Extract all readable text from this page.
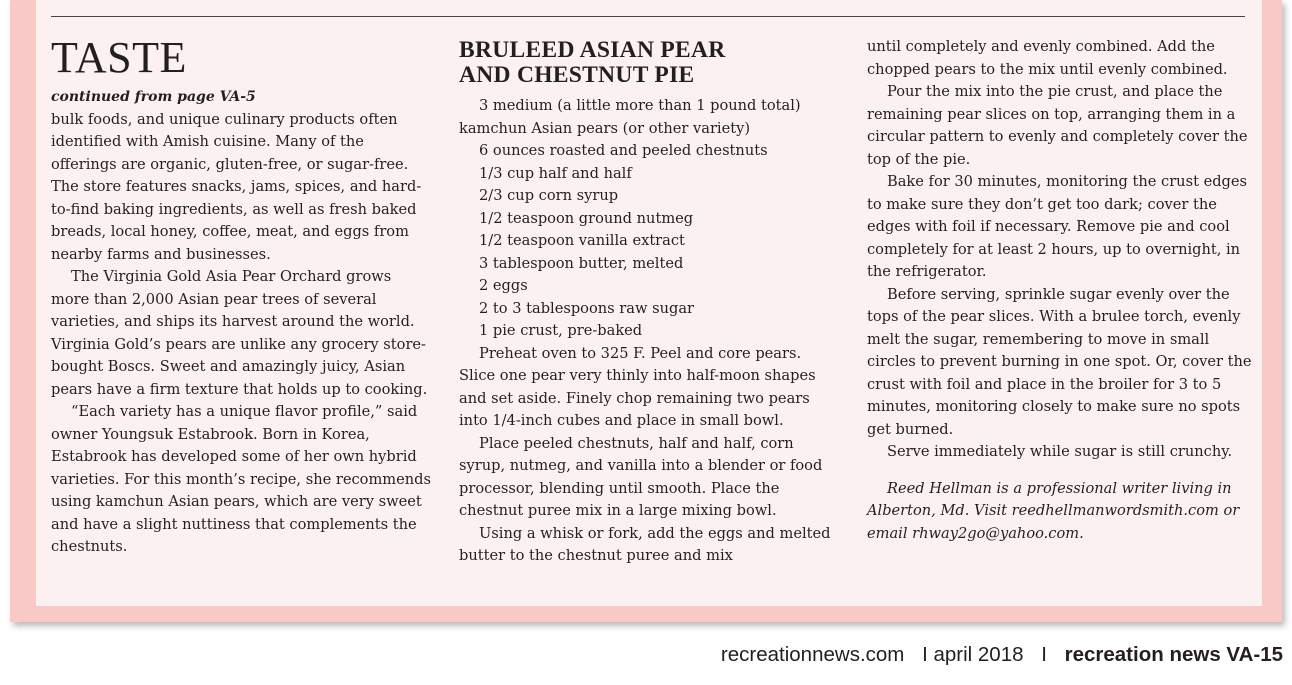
TASTE

continued from page VA-5

bulk foods, and unique culinary products often identified with Amish cuisine. Many of the offerings are organic, gluten-free, or sugar-free. The store features snacks, jams, spices, and hard-to-find baking ingredients, as well as fresh baked breads, local honey, coffee, meat, and eggs from nearby farms and businesses.

The Virginia Gold Asia Pear Orchard grows more than 2,000 Asian pear trees of several varieties, and ships its harvest around the world. Virginia Gold’s pears are unlike any grocery store-bought Boscs. Sweet and amazingly juicy, Asian pears have a firm texture that holds up to cooking.

“Each variety has a unique flavor profile,” said owner Youngsuk Estabrook. Born in Korea, Estabrook has developed some of her own hybrid varieties. For this month’s recipe, she recommends using kamchun Asian pears, which are very sweet and have a slight nuttiness that complements the chestnuts.

BRULEED ASIAN PEAR
AND CHESTNUT PIE

3 medium (a little more than 1 pound total) kamchun Asian pears (or other variety)

6 ounces roasted and peeled chestnuts

1/3 cup half and half

2/3 cup corn syrup

1/2 teaspoon ground nutmeg

1/2 teaspoon vanilla extract

3 tablespoon butter, melted

2 eggs

2 to 3 tablespoons raw sugar

1 pie crust, pre-baked

Preheat oven to 325 F. Peel and core pears. Slice one pear very thinly into half-moon shapes and set aside. Finely chop remaining two pears into 1/4-inch cubes and place in small bowl.

Place peeled chestnuts, half and half, corn syrup, nutmeg, and vanilla into a blender or food processor, blending until smooth. Place the chestnut puree mix in a large mixing bowl.

Using a whisk or fork, add the eggs and melted butter to the chestnut puree and mix

until completely and evenly combined. Add the chopped pears to the mix until evenly combined.

Pour the mix into the pie crust, and place the remaining pear slices on top, arranging them in a circular pattern to evenly and completely cover the top of the pie.

Bake for 30 minutes, monitoring the crust edges to make sure they don’t get too dark; cover the edges with foil if necessary. Remove pie and cool completely for at least 2 hours, up to overnight, in the refrigerator.

Before serving, sprinkle sugar evenly over the tops of the pear slices. With a brulee torch, evenly melt the sugar, remembering to move in small circles to prevent burning in one spot. Or, cover the crust with foil and place in the broiler for 3 to 5 minutes, monitoring closely to make sure no spots get burned.

Serve immediately while sugar is still crunchy.

Reed Hellman is a professional writer living in Alberton, Md. Visit reedhellmanwordsmith.com or email rhway2go@yahoo.com.

recreationnews.com I april 2018 I recreation news VA-15
